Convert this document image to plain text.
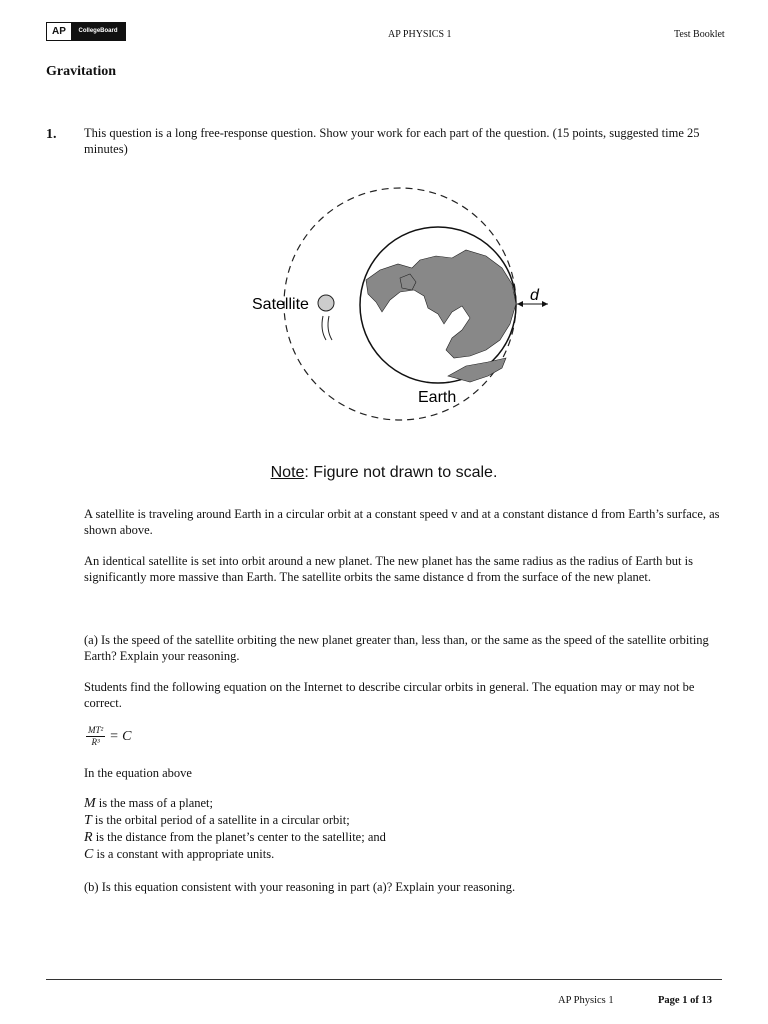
AP	CollegeBoard	AP PHYSICS 1	Test Booklet
Gravitation
1. This question is a long free-response question. Show your work for each part of the question. (15 points, suggested time 25 minutes)
Satellite
d
Earth
Note: Figure not drawn to scale.
A satellite is traveling around Earth in a circular orbit at a constant speed v and at a constant distance d from Earth’s surface, as shown above.
An identical satellite is set into orbit around a new planet. The new planet has the same radius as the radius of Earth but is significantly more massive than Earth. The satellite orbits the same distance d from the surface of the new planet.
(a) Is the speed of the satellite orbiting the new planet greater than, less than, or the same as the speed of the satellite orbiting Earth? Explain your reasoning.
Students find the following equation on the Internet to describe circular orbits in general. The equation may or may not be correct.
$\frac{\text{MT²}}{\text{R³}} = C$
In the equation above
M is the mass of a planet;
T is the orbital period of a satellite in a circular orbit;
R is the distance from the planet’s center to the satellite; and
C is a constant with appropriate units.
(b) Is this equation consistent with your reasoning in part (a)? Explain your reasoning.
AP Physics 1	Page 1 of 13
